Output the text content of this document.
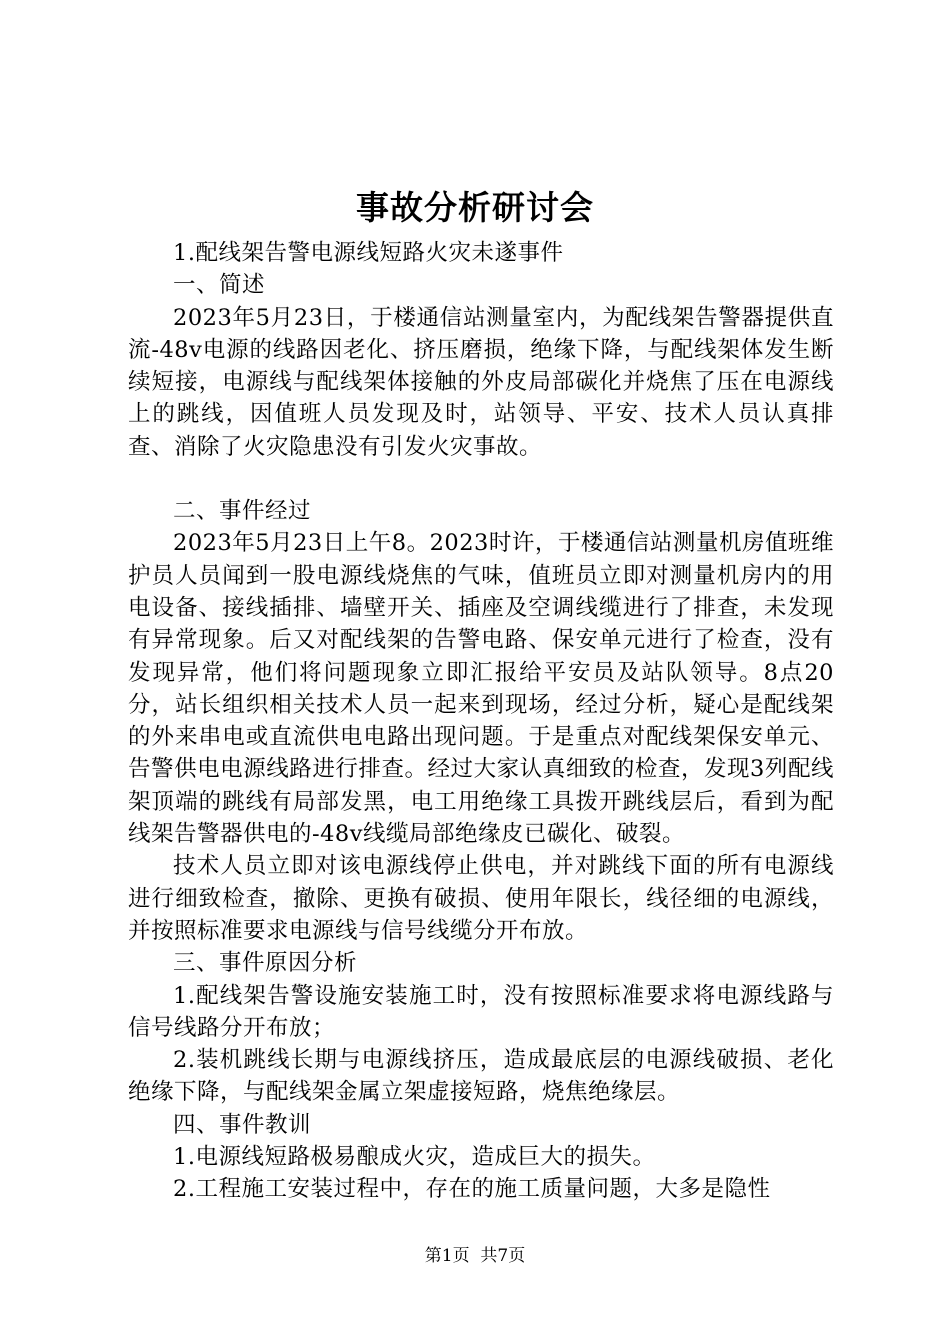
事故分析研讨会

1.配线架告警电源线短路火灾未遂事件

一、简述

2023年5月23日，于楼通信站测量室内，为配线架告警器提供直流-48v电源的线路因老化、挤压磨损，绝缘下降，与配线架体发生断续短接，电源线与配线架体接触的外皮局部碳化并烧焦了压在电源线上的跳线，因值班人员发现及时，站领导、平安、技术人员认真排查、消除了火灾隐患没有引发火灾事故。

二、事件经过

2023年5月23日上午8。2023时许，于楼通信站测量机房值班维护员人员闻到一股电源线烧焦的气味，值班员立即对测量机房内的用电设备、接线插排、墙壁开关、插座及空调线缆进行了排查，未发现有异常现象。后又对配线架的告警电路、保安单元进行了检查，没有发现异常，他们将问题现象立即汇报给平安员及站队领导。8点20分，站长组织相关技术人员一起来到现场，经过分析，疑心是配线架的外来串电或直流供电电路出现问题。于是重点对配线架保安单元、告警供电电源线路进行排查。经过大家认真细致的检查，发现3列配线架顶端的跳线有局部发黑，电工用绝缘工具拨开跳线层后，看到为配线架告警器供电的-48v线缆局部绝缘皮已碳化、破裂。

技术人员立即对该电源线停止供电，并对跳线下面的所有电源线进行细致检查，撤除、更换有破损、使用年限长，线径细的电源线，并按照标准要求电源线与信号线缆分开布放。

三、事件原因分析

1.配线架告警设施安装施工时，没有按照标准要求将电源线路与信号线路分开布放；

2.装机跳线长期与电源线挤压，造成最底层的电源线破损、老化绝缘下降，与配线架金属立架虚接短路，烧焦绝缘层。

四、事件教训

1.电源线短路极易酿成火灾，造成巨大的损失。

2.工程施工安装过程中，存在的施工质量问题，大多是隐性

第1页 共7页
